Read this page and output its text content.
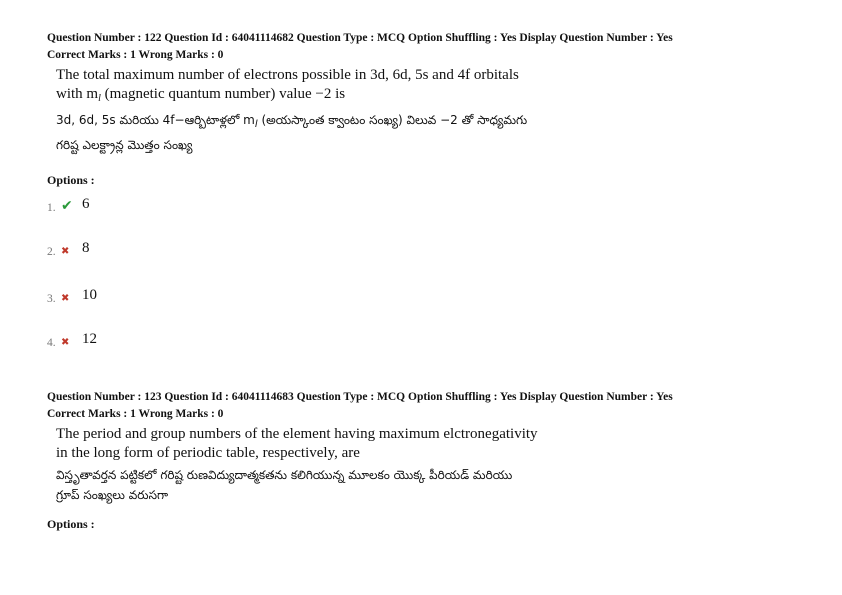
Question Number : 122 Question Id : 64041114682 Question Type : MCQ Option Shuffling : Yes Display Question Number : Yes
Correct Marks : 1 Wrong Marks : 0
The total maximum number of electrons possible in 3d, 6d, 5s and 4f orbitals
with $m_l$ (magnetic quantum number) value −2 is
3d, 6d, 5s మరియు 4f−ఆర్బిటాళ్లలో $m_l$ (అయస్కాంత క్వాంటం సంఖ్య) విలువ −2 తో సాధ్యమగు
గరిష్ట ఎలక్ట్రాన్ల మొత్తం సంఖ్య
Options :
1. ✔ 6
2. ✖ 8
3. ✖ 10
4. ✖ 12
Question Number : 123 Question Id : 64041114683 Question Type : MCQ Option Shuffling : Yes Display Question Number : Yes
Correct Marks : 1 Wrong Marks : 0
The period and group numbers of the element having maximum elctronegativity
in the long form of periodic table, respectively, are
విస్తృతావర్తన పట్టికలో గరిష్ట రుణవిద్యుదాత్మకతను కలిగియున్న మూలకం యొక్క పీరియడ్ మరియు
గ్రూప్ సంఖ్యలు వరుసగా
Options :
